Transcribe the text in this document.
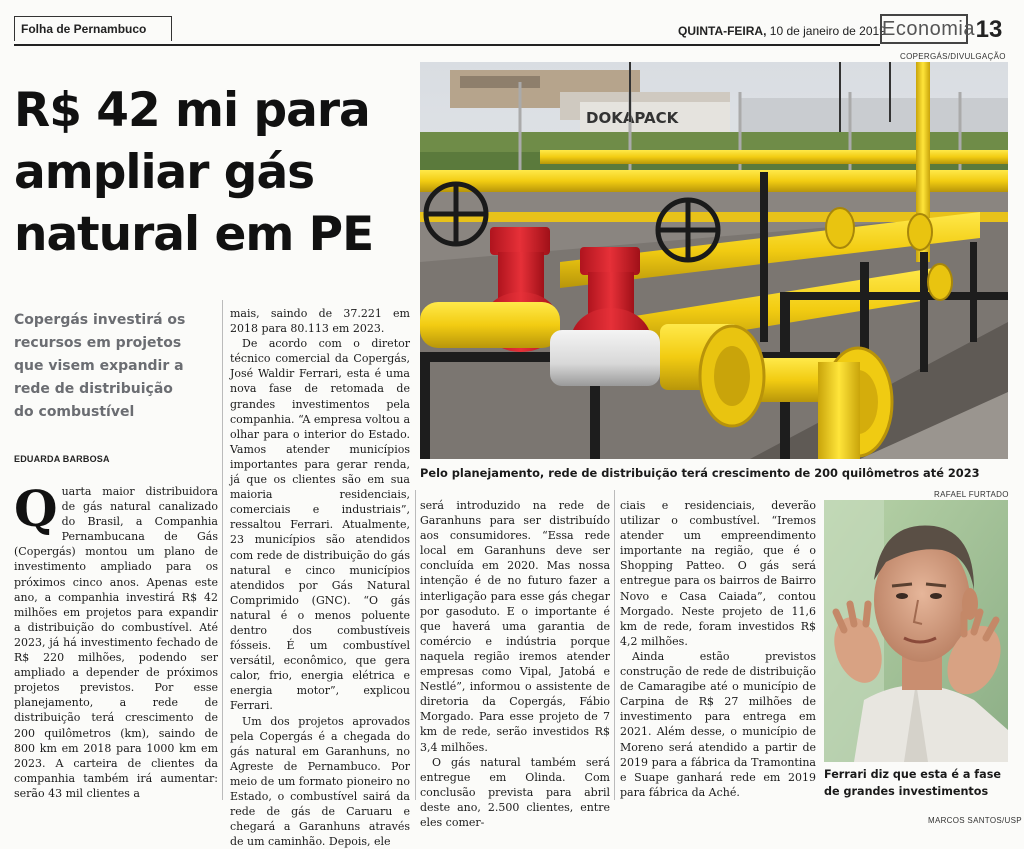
Folha de Pernambuco	QUINTA-FEIRA, 10 de janeiro de 2019
Economia 13
R$ 42 mi para ampliar gás natural em PE
Copergás investirá os recursos em projetos que visem expandir a rede de distribuição do combustível
EDUARDA BARBOSA
COPERGÁS/DIVULGAÇÃO
DOKAPACK
Pelo planejamento, rede de distribuição terá crescimento de 200 quilômetros até 2023
RAFAEL FURTADO
Ferrari diz que esta é a fase de grandes investimentos
MARCOS SANTOS/USP
Q uarta maior distribuidora de gás natural canalizado do Brasil, a Companhia Pernambucana de Gás (Copergás) montou um plano de investimento ampliado para os próximos cinco anos. Apenas este ano, a companhia investirá R$ 42 milhões em projetos para expandir a distribuição do combustível. Até 2023, já há investimento fechado de R$ 220 milhões, podendo ser ampliado a depender de próximos projetos previstos. Por esse planejamento, a rede de distribuição terá crescimento de 200 quilômetros (km), saindo de 800 km em 2018 para 1000 km em 2023. A carteira de clientes da companhia também irá aumentar: serão 43 mil clientes a

mais, saindo de 37.221 em 2018 para 80.113 em 2023.

De acordo com o diretor técnico comercial da Copergás, José Waldir Ferrari, esta é uma nova fase de retomada de grandes investimentos pela companhia. “A empresa voltou a olhar para o interior do Estado. Vamos atender municípios importantes para gerar renda, já que os clientes são em sua maioria residenciais, comerciais e industriais”, ressaltou Ferrari. Atualmente, 23 municípios são atendidos com rede de distribuição do gás natural e cinco municípios atendidos por Gás Natural Comprimido (GNC). “O gás natural é o menos poluente dentro dos combustíveis fósseis. É um combustível versátil, econômico, que gera calor, frio, energia elétrica e energia motor”, explicou Ferrari.

Um dos projetos aprovados pela Copergás é a chegada do gás natural em Garanhuns, no Agreste de Pernambuco. Por meio de um formato pioneiro no Estado, o combustível sairá da rede de gás de Caruaru e chegará a Garanhuns através de um caminhão. Depois, ele

será introduzido na rede de Garanhuns para ser distribuído aos consumidores. “Essa rede local em Garanhuns deve ser concluída em 2020. Mas nossa intenção é de no futuro fazer a interligação para esse gás chegar por gasoduto. E o importante é que haverá uma garantia de comércio e indústria porque naquela região iremos atender empresas como Vipal, Jatobá e Nestlé”, informou o assistente de diretoria da Copergás, Fábio Morgado. Para esse projeto de 7 km de rede, serão investidos R$ 3,4 milhões.

O gás natural também será entregue em Olinda. Com conclusão prevista para abril deste ano, 2.500 clientes, entre eles comer-

ciais e residenciais, deverão utilizar o combustível. “Iremos atender um empreendimento importante na região, que é o Shopping Patteo. O gás será entregue para os bairros de Bairro Novo e Casa Caiada”, contou Morgado. Neste projeto de 11,6 km de rede, foram investidos R$ 4,2 milhões.

Ainda estão previstos construção de rede de distribuição de Camaragibe até o município de Carpina de R$ 27 milhões de investimento para entrega em 2021. Além desse, o município de Moreno será atendido a partir de 2019 para a fábrica da Tramontina e Suape ganhará rede em 2019 para fábrica da Aché.
